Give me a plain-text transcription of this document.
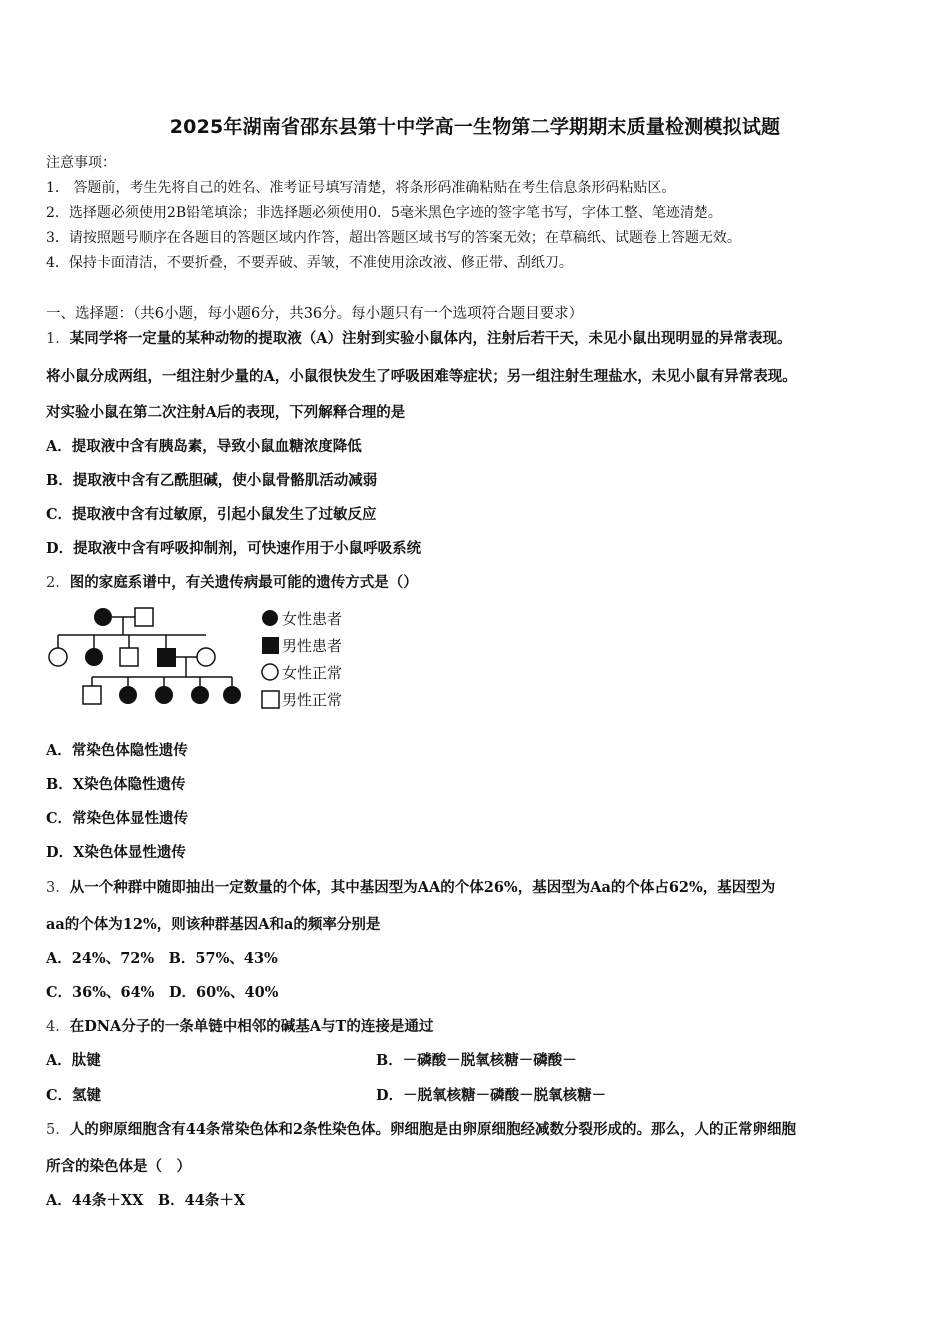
2025年湖南省邵东县第十中学高一生物第二学期期末质量检测模拟试题
注意事项：
1． 答题前，考生先将自己的姓名、准考证号填写清楚，将条形码准确粘贴在考生信息条形码粘贴区。
2．选择题必须使用2B铅笔填涂；非选择题必须使用0．5毫米黑色字迹的签字笔书写，字体工整、笔迹清楚。
3．请按照题号顺序在各题目的答题区域内作答，超出答题区域书写的答案无效；在草稿纸、试题卷上答题无效。
4．保持卡面清洁，不要折叠，不要弄破、弄皱，不准使用涂改液、修正带、刮纸刀。
一、选择题：（共6小题，每小题6分，共36分。每小题只有一个选项符合题目要求）
1．某同学将一定量的某种动物的提取液（A）注射到实验小鼠体内，注射后若干天，未见小鼠出现明显的异常表现。
将小鼠分成两组，一组注射少量的A，小鼠很快发生了呼吸困难等症状；另一组注射生理盐水，未见小鼠有异常表现。
对实验小鼠在第二次注射A后的表现，下列解释合理的是
A．提取液中含有胰岛素，导致小鼠血糖浓度降低
B．提取液中含有乙酰胆碱，使小鼠骨骼肌活动减弱
C．提取液中含有过敏原，引起小鼠发生了过敏反应
D．提取液中含有呼吸抑制剂，可快速作用于小鼠呼吸系统
2．图的家庭系谱中，有关遗传病最可能的遗传方式是（）
女性患者
男性患者
女性正常
男性正常
A．常染色体隐性遗传
B．X染色体隐性遗传
C．常染色体显性遗传
D．X染色体显性遗传
3．从一个种群中随即抽出一定数量的个体，其中基因型为AA的个体26%，基因型为Aa的个体占62%，基因型为
aa的个体为12%，则该种群基因A和a的频率分别是
A．24%、72%　B．57%、43%
C．36%、64%　D．60%、40%
4．在DNA分子的一条单链中相邻的碱基A与T的连接是通过
A．肽键	B．－磷酸－脱氧核糖－磷酸－
C．氢键	D．－脱氧核糖－磷酸－脱氧核糖－
5．人的卵原细胞含有44条常染色体和2条性染色体。卵细胞是由卵原细胞经减数分裂形成的。那么，人的正常卵细胞
所含的染色体是（　）
A．44条＋XX　B．44条＋X
